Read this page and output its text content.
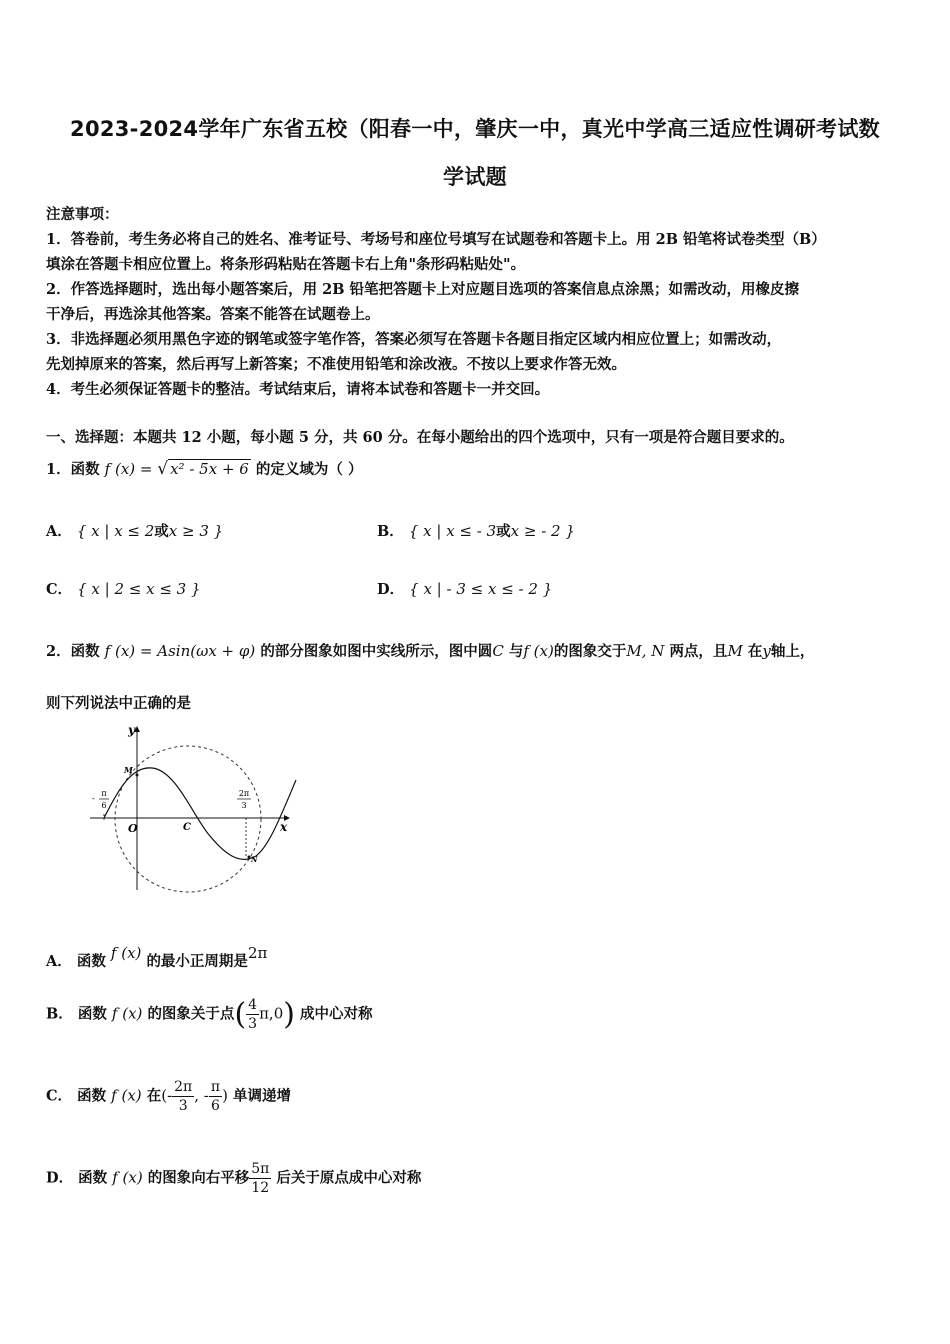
2023-2024学年广东省五校（阳春一中，肇庆一中，真光中学高三适应性调研考试数
学试题
注意事项：
1．答卷前，考生务必将自己的姓名、准考证号、考场号和座位号填写在试题卷和答题卡上。用 2B 铅笔将试卷类型（B）
填涂在答题卡相应位置上。将条形码粘贴在答题卡右上角"条形码粘贴处"。
2．作答选择题时，选出每小题答案后，用 2B 铅笔把答题卡上对应题目选项的答案信息点涂黑；如需改动，用橡皮擦
干净后，再选涂其他答案。答案不能答在试题卷上。
3．非选择题必须用黑色字迹的钢笔或签字笔作答，答案必须写在答题卡各题目指定区域内相应位置上；如需改动，
先划掉原来的答案，然后再写上新答案；不准使用铅笔和涂改液。不按以上要求作答无效。
4．考生必须保证答题卡的整洁。考试结束后，请将本试卷和答题卡一并交回。
一、选择题：本题共 12 小题，每小题 5 分，共 60 分。在每小题给出的四个选项中，只有一项是符合题目要求的。
1．函数 f (x) = √ x² - 5x + 6 的定义域为（ ）
A． { x | x ≤ 2或x ≥ 3 }	B． { x | x ≤ - 3或x ≥ - 2 }
C． { x | 2 ≤ x ≤ 3 }	D． { x | - 3 ≤ x ≤ - 2 }
2．函数 f (x) = Asin(ωx + φ) 的部分图象如图中实线所示，图中圆C 与f (x)的图象交于M, N 两点，且M 在y轴上，
则下列说法中正确的是
y
x
O	C
M
N
-
π
6
2π
3
A． 函数 f (x) 的最小正周期是2π
B． 函数 f (x) 的图象关于点( $\frac{4}{3} \pi,0$) 成中心对称
C． 函数 f (x) 在(- $\frac{2\pi}{3}$ , - $\frac{\pi}{6}$ ) 单调递增
D． 函数 f (x) 的图象向右平移 $\frac{5\pi}{12}$ 后关于原点成中心对称
